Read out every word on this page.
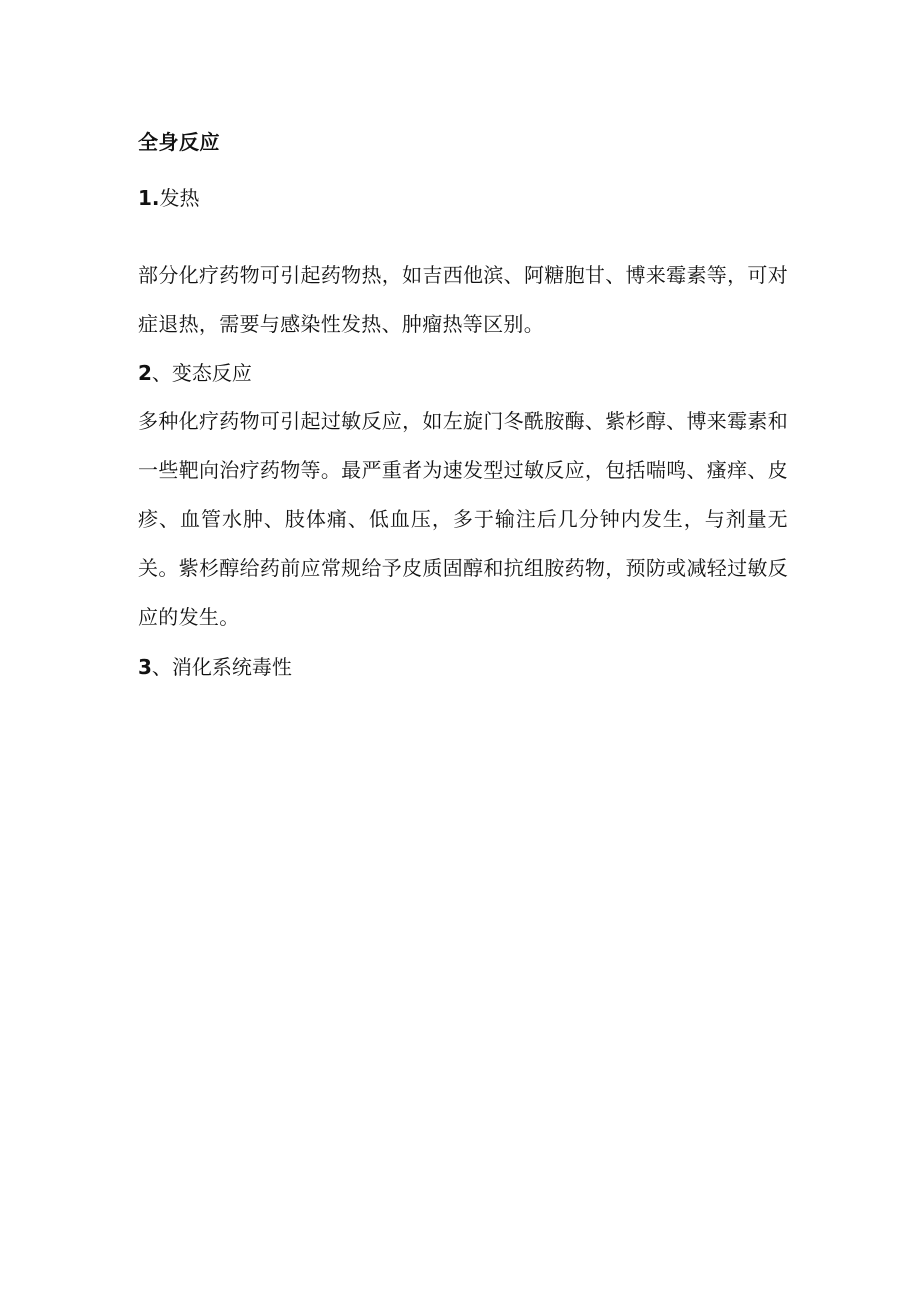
全身反应

1.发热

部分化疗药物可引起药物热，如吉西他滨、阿糖胞甘、博来霉素等，可对症退热，需要与感染性发热、肿瘤热等区别。

2、变态反应

多种化疗药物可引起过敏反应，如左旋门冬酰胺酶、紫杉醇、博来霉素和一些靶向治疗药物等。最严重者为速发型过敏反应，包括喘鸣、瘙痒、皮疹、血管水肿、肢体痛、低血压，多于输注后几分钟内发生，与剂量无关。紫杉醇给药前应常规给予皮质固醇和抗组胺药物，预防或减轻过敏反应的发生。

3、消化系统毒性
